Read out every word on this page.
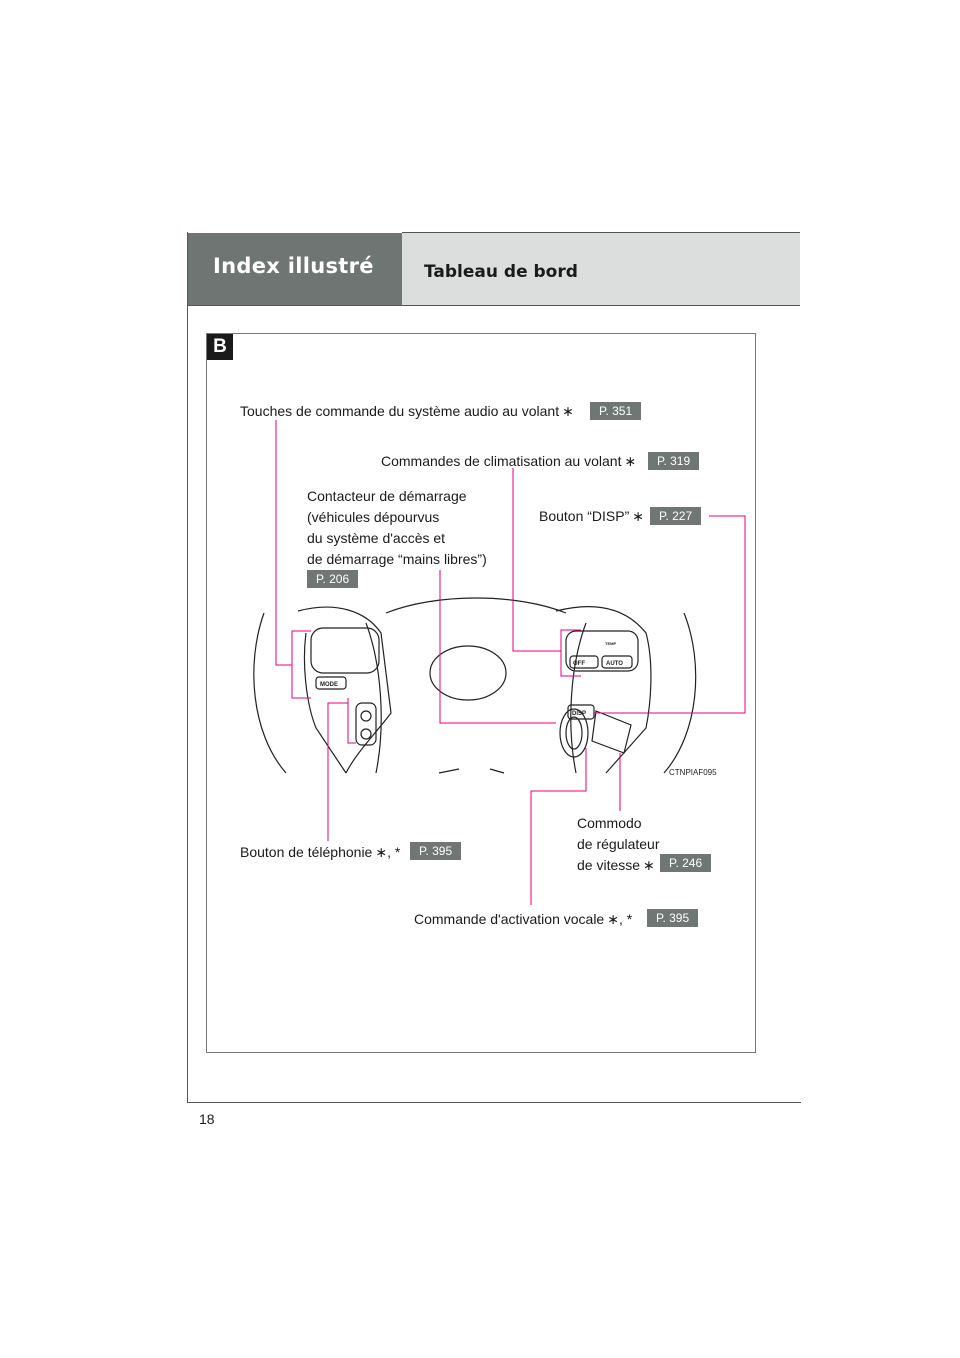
Index illustré	Tableau de bord
B
MODE
OFF	AUTO
DISP
TEMP
CTNPIAF095
Touches de commande du système audio au volant ∗	P. 351
Commandes de climatisation au volant ∗	P. 319
Contacteur de démarrage
(véhicules dépourvus
du système d'accès et
de démarrage “mains libres”)
P. 206
Bouton “DISP” ∗	P. 227
Bouton de téléphonie ∗, *	P. 395
Commodo
de régulateur
de vitesse ∗	P. 246
Commande d'activation vocale ∗, *	P. 395
18
